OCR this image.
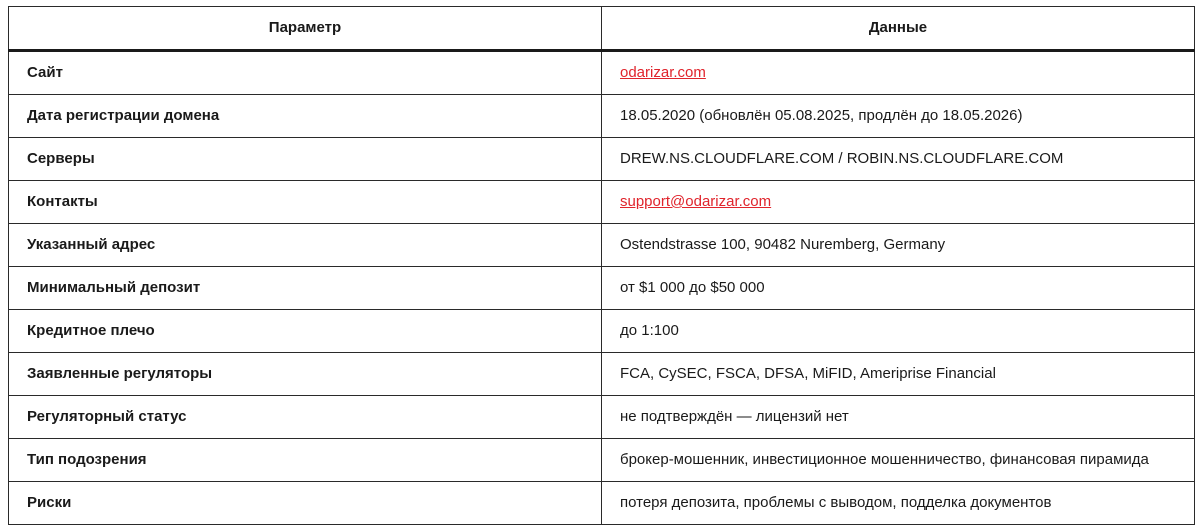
Параметр	Данные
Сайт	odarizar.com
Дата регистрации домена	18.05.2020 (обновлён 05.08.2025, продлён до 18.05.2026)
Серверы	DREW.NS.CLOUDFLARE.COM / ROBIN.NS.CLOUDFLARE.COM
Контакты	support@odarizar.com
Указанный адрес	Ostendstrasse 100, 90482 Nuremberg, Germany
Минимальный депозит	от $1 000 до $50 000
Кредитное плечо	до 1:100
Заявленные регуляторы	FCA, CySEC, FSCA, DFSA, MiFID, Ameriprise Financial
Регуляторный статус	не подтверждён — лицензий нет
Тип подозрения	брокер-мошенник, инвестиционное мошенничество, финансовая пирамида
Риски	потеря депозита, проблемы с выводом, подделка документов
